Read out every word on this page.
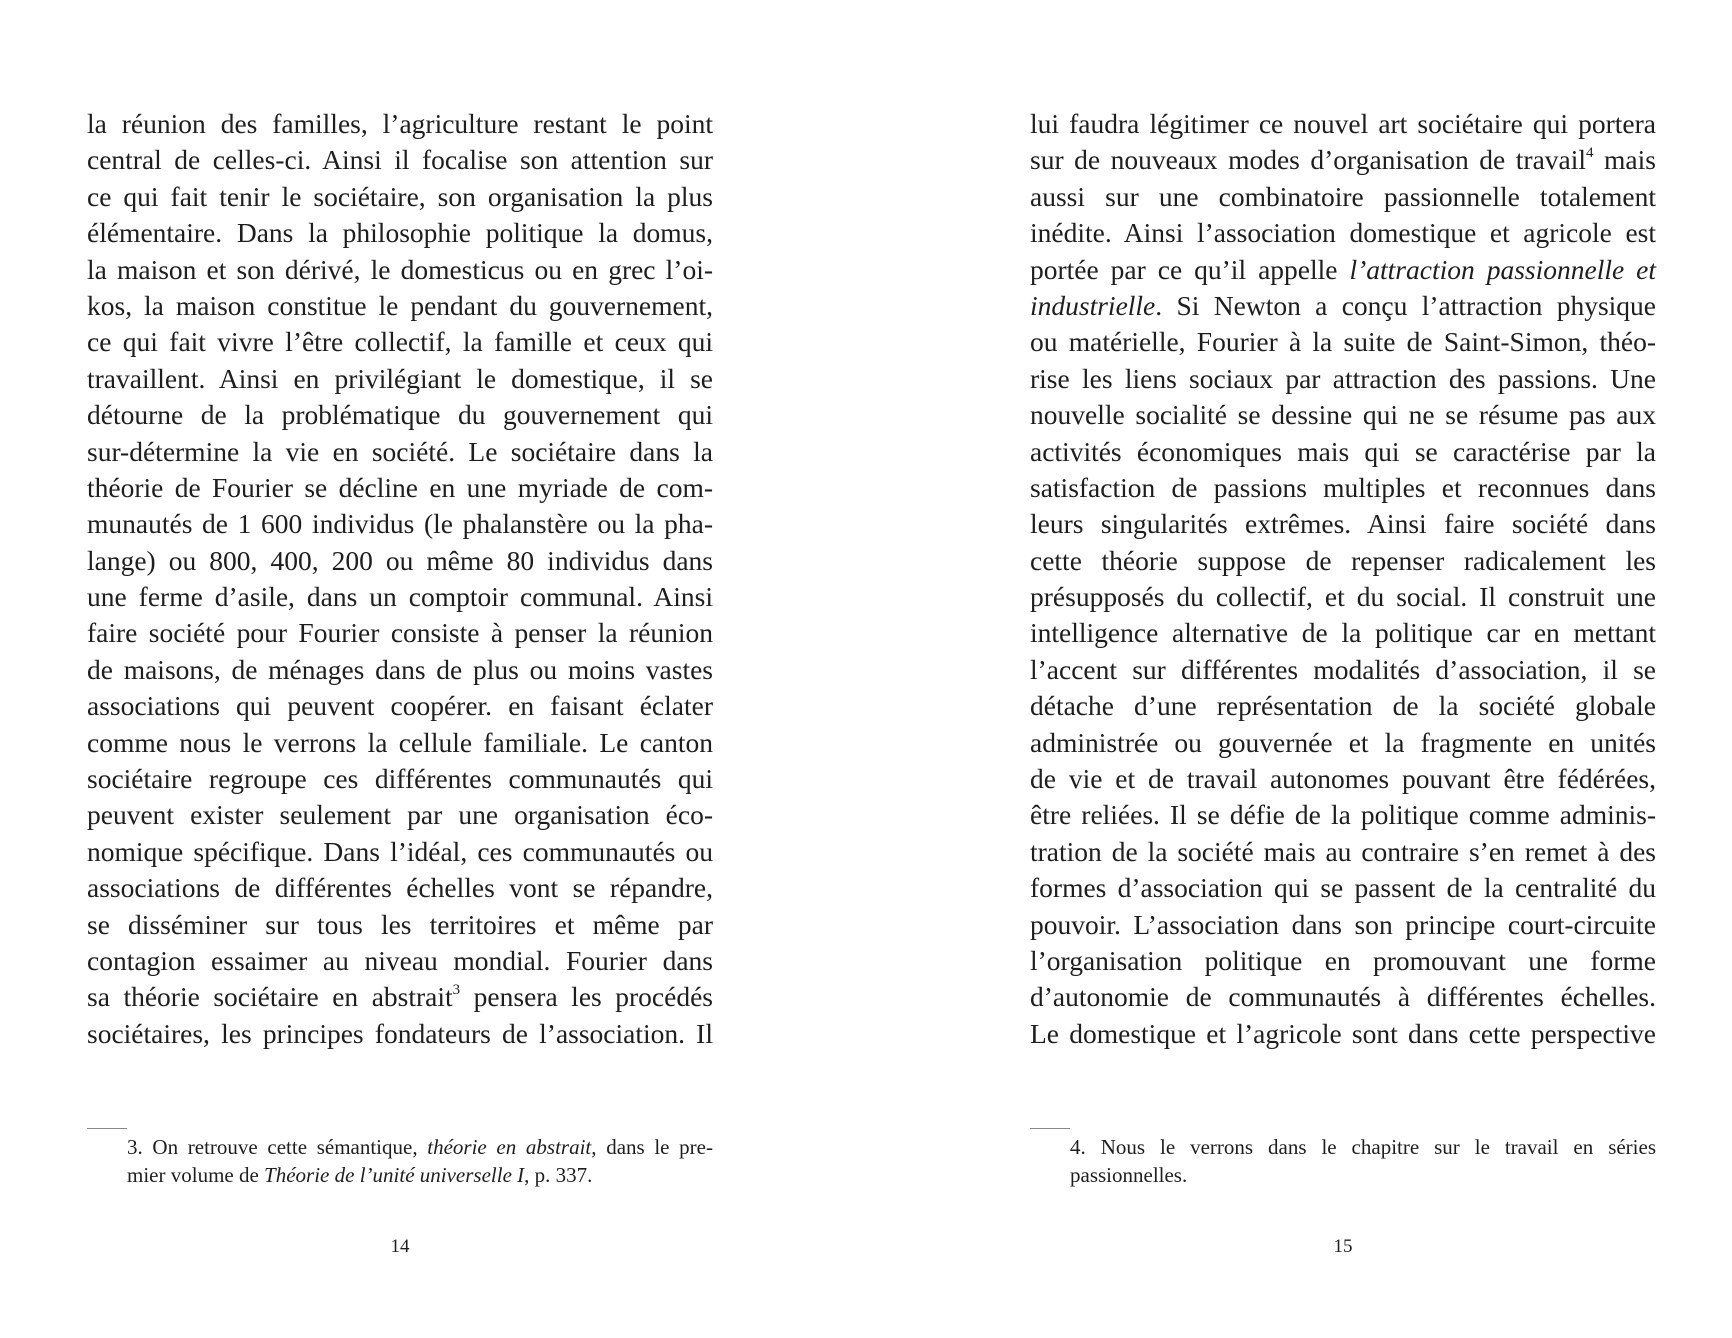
la réunion des familles, l’agriculture restant le point
central de celles-ci. Ainsi il focalise son attention sur
ce qui fait tenir le sociétaire, son organisation la plus
élémentaire. Dans la philosophie politique la domus,
la maison et son dérivé, le domesticus ou en grec l’oi-
kos, la maison constitue le pendant du gouvernement,
ce qui fait vivre l’être collectif, la famille et ceux qui
travaillent. Ainsi en privilégiant le domestique, il se
détourne de la problématique du gouvernement qui
sur-détermine la vie en société. Le sociétaire dans la
théorie de Fourier se décline en une myriade de com-
munautés de 1 600 individus (le phalanstère ou la pha-
lange) ou 800, 400, 200 ou même 80 individus dans
une ferme d’asile, dans un comptoir communal. Ainsi
faire société pour Fourier consiste à penser la réunion
de maisons, de ménages dans de plus ou moins vastes
associations qui peuvent coopérer. en faisant éclater
comme nous le verrons la cellule familiale. Le canton
sociétaire regroupe ces différentes communautés qui
peuvent exister seulement par une organisation éco-
nomique spécifique. Dans l’idéal, ces communautés ou
associations de différentes échelles vont se répandre,
se disséminer sur tous les territoires et même par
contagion essaimer au niveau mondial. Fourier dans
sa théorie sociétaire en abstrait$^3$ pensera les procédés
sociétaires, les principes fondateurs de l’association. Il
3. On retrouve cette sémantique, théorie en abstrait, dans le pre-
mier volume de Théorie de l’unité universelle I, p. 337.
14
lui faudra légitimer ce nouvel art sociétaire qui portera
sur de nouveaux modes d’organisation de travail$^4$ mais
aussi sur une combinatoire passionnelle totalement
inédite. Ainsi l’association domestique et agricole est
portée par ce qu’il appelle l’attraction passionnelle et
industrielle. Si Newton a conçu l’attraction physique
ou matérielle, Fourier à la suite de Saint-Simon, théo-
rise les liens sociaux par attraction des passions. Une
nouvelle socialité se dessine qui ne se résume pas aux
activités économiques mais qui se caractérise par la
satisfaction de passions multiples et reconnues dans
leurs singularités extrêmes. Ainsi faire société dans
cette théorie suppose de repenser radicalement les
présupposés du collectif, et du social. Il construit une
intelligence alternative de la politique car en mettant
l’accent sur différentes modalités d’association, il se
détache d’une représentation de la société globale
administrée ou gouvernée et la fragmente en unités
de vie et de travail autonomes pouvant être fédérées,
être reliées. Il se défie de la politique comme adminis-
tration de la société mais au contraire s’en remet à des
formes d’association qui se passent de la centralité du
pouvoir. L’association dans son principe court-circuite
l’organisation politique en promouvant une forme
d’autonomie de communautés à différentes échelles.
Le domestique et l’agricole sont dans cette perspective
4. Nous le verrons dans le chapitre sur le travail en séries
passionnelles.
15
